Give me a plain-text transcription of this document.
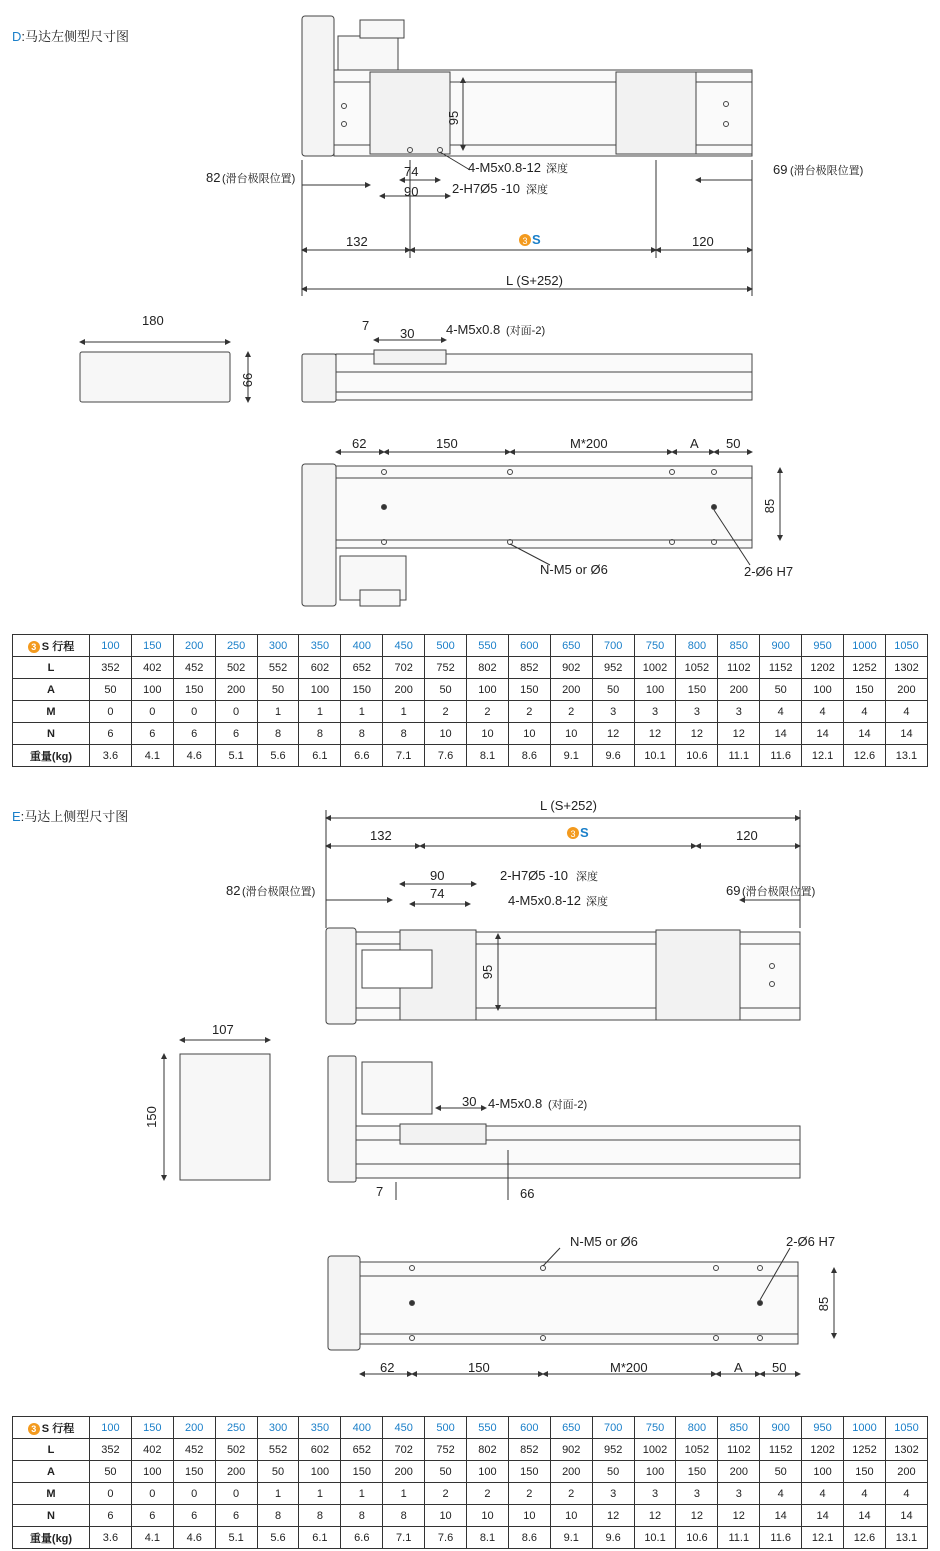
D:马达左侧型尺寸图
E:马达上侧型尺寸图
95
74
90
4-M5x0.8-12 深度
2-H7Ø5 -10 深度
82 (滑台极限位置)
69 (滑台极限位置)
132	3 S	120
L (S+252)
180
66
7
30 4-M5x0.8 (对面-2)
62	150	M*200	A 50
85
N-M5 or Ø6	2-Ø6 H7
L (S+252)
132	3 S	120
90
74
2-H7Ø5 -10 深度
4-M5x0.8-12 深度
82 (滑台极限位置)	69 (滑台极限位置)
95
107
150
30 4-M5x0.8 (对面-2)
7	66
N-M5 or Ø6	2-Ø6 H7
85
62	150	M*200	A 50
3 S 行程	100	150	200	250	300	350	400	450	500	550	600	650	700	750	800	850	900	950	1000	1050
L	352	402	452	502	552	602	652	702	752	802	852	902	952	1002	1052	1102	1152	1202	1252	1302
A	50	100	150	200	50	100	150	200	50	100	150	200	50	100	150	200	50	100	150	200
M	0	0	0	0	1	1	1	1	2	2	2	2	3	3	3	3	4	4	4	4
N	6	6	6	6	8	8	8	8	10	10	10	10	12	12	12	12	14	14	14	14
重量(kg)	3.6	4.1	4.6	5.1	5.6	6.1	6.6	7.1	7.6	8.1	8.6	9.1	9.6	10.1	10.6	11.1	11.6	12.1	12.6	13.1
3 S 行程	100	150	200	250	300	350	400	450	500	550	600	650	700	750	800	850	900	950	1000	1050
L	352	402	452	502	552	602	652	702	752	802	852	902	952	1002	1052	1102	1152	1202	1252	1302
A	50	100	150	200	50	100	150	200	50	100	150	200	50	100	150	200	50	100	150	200
M	0	0	0	0	1	1	1	1	2	2	2	2	3	3	3	3	4	4	4	4
N	6	6	6	6	8	8	8	8	10	10	10	10	12	12	12	12	14	14	14	14
重量(kg)	3.6	4.1	4.6	5.1	5.6	6.1	6.6	7.1	7.6	8.1	8.6	9.1	9.6	10.1	10.6	11.1	11.6	12.1	12.6	13.1
